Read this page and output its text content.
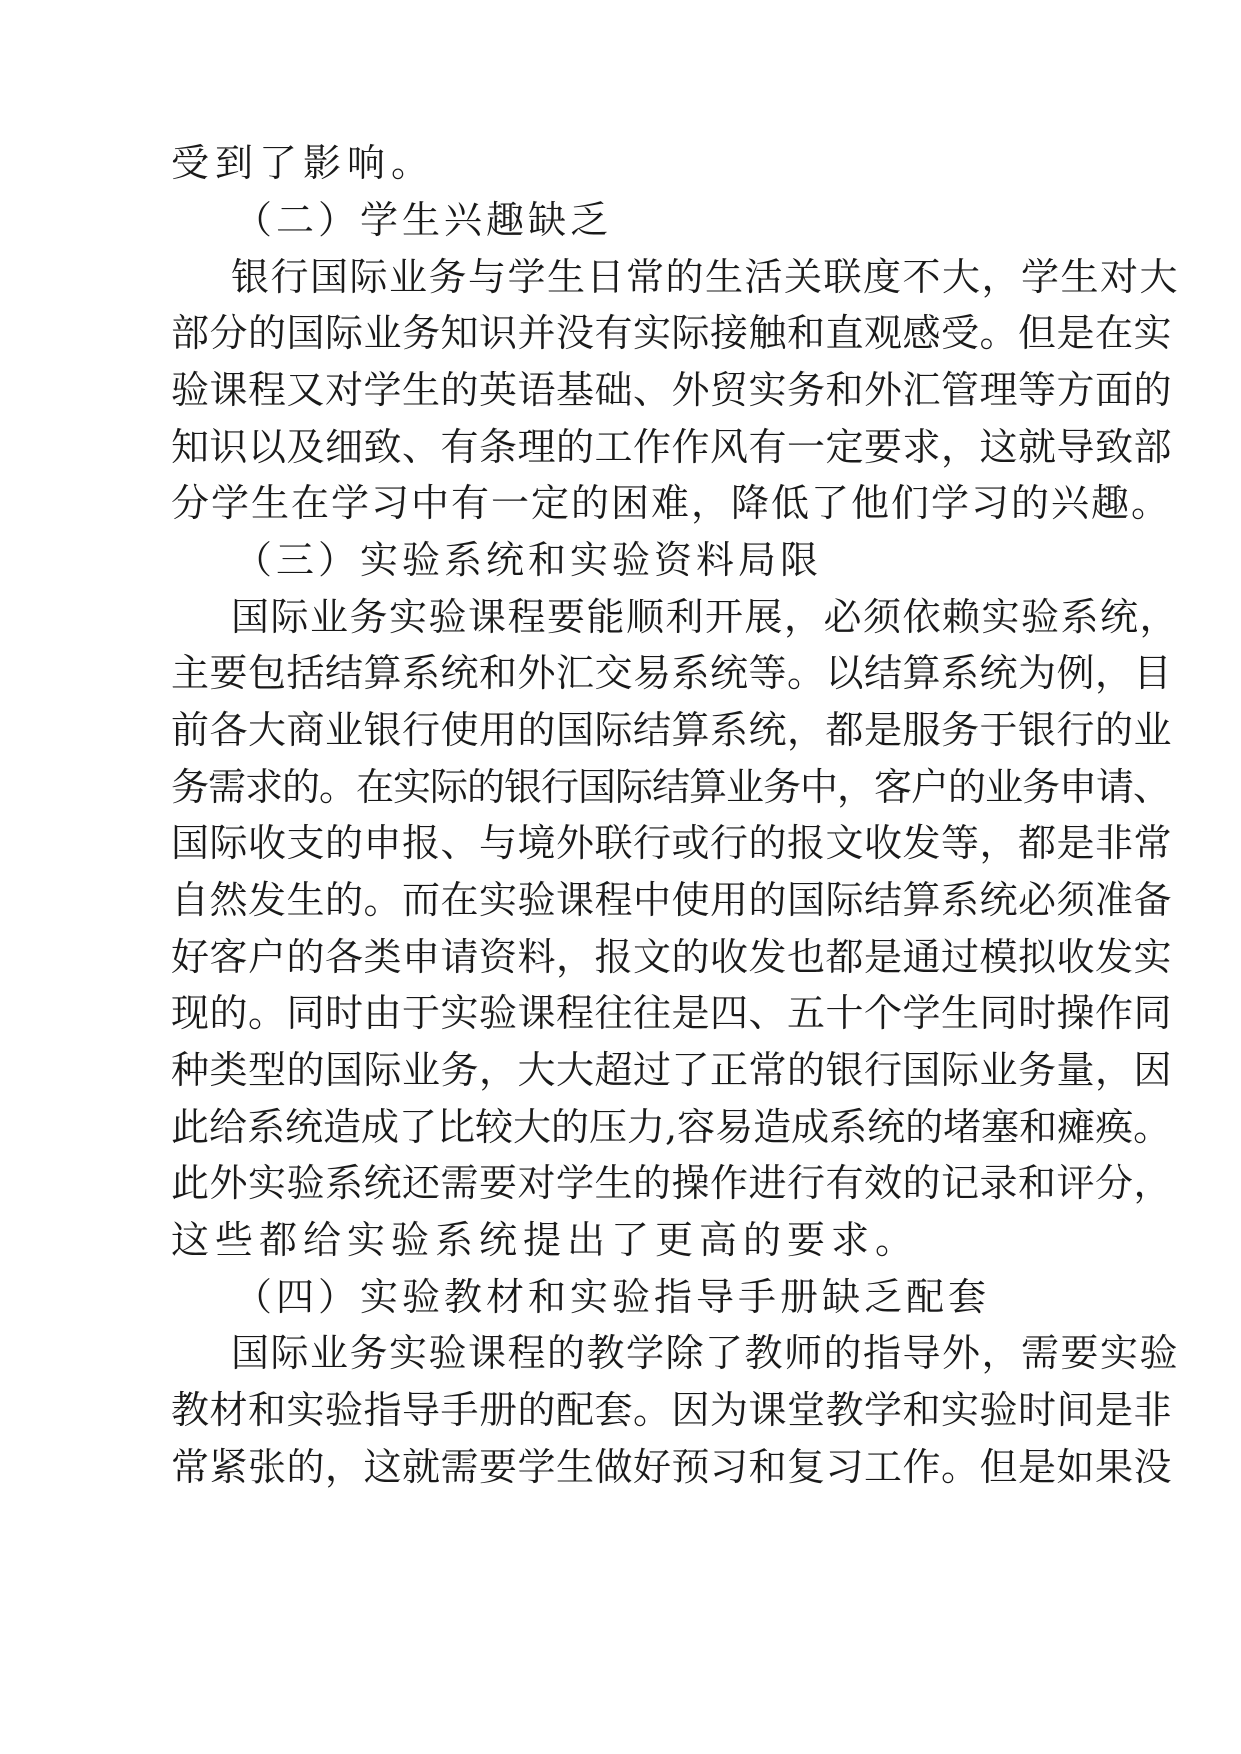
受到了影响。
（二）学生兴趣缺乏
银行国际业务与学生日常的生活关联度不大，学生对大
部分的国际业务知识并没有实际接触和直观感受。但是在实
验课程又对学生的英语基础、外贸实务和外汇管理等方面的
知识以及细致、有条理的工作作风有一定要求，这就导致部
分学生在学习中有一定的困难，降低了他们学习的兴趣。
（三）实验系统和实验资料局限
国际业务实验课程要能顺利开展，必须依赖实验系统，
主要包括结算系统和外汇交易系统等。以结算系统为例，目
前各大商业银行使用的国际结算系统，都是服务于银行的业
务需求的。在实际的银行国际结算业务中，客户的业务申请、
国际收支的申报、与境外联行或行的报文收发等，都是非常
自然发生的。而在实验课程中使用的国际结算系统必须准备
好客户的各类申请资料，报文的收发也都是通过模拟收发实
现的。同时由于实验课程往往是四、五十个学生同时操作同
种类型的国际业务，大大超过了正常的银行国际业务量，因
此给系统造成了比较大的压力,容易造成系统的堵塞和瘫痪。
此外实验系统还需要对学生的操作进行有效的记录和评分，
这些都给实验系统提出了更高的要求。
（四）实验教材和实验指导手册缺乏配套
国际业务实验课程的教学除了教师的指导外，需要实验
教材和实验指导手册的配套。因为课堂教学和实验时间是非
常紧张的，这就需要学生做好预习和复习工作。但是如果没
